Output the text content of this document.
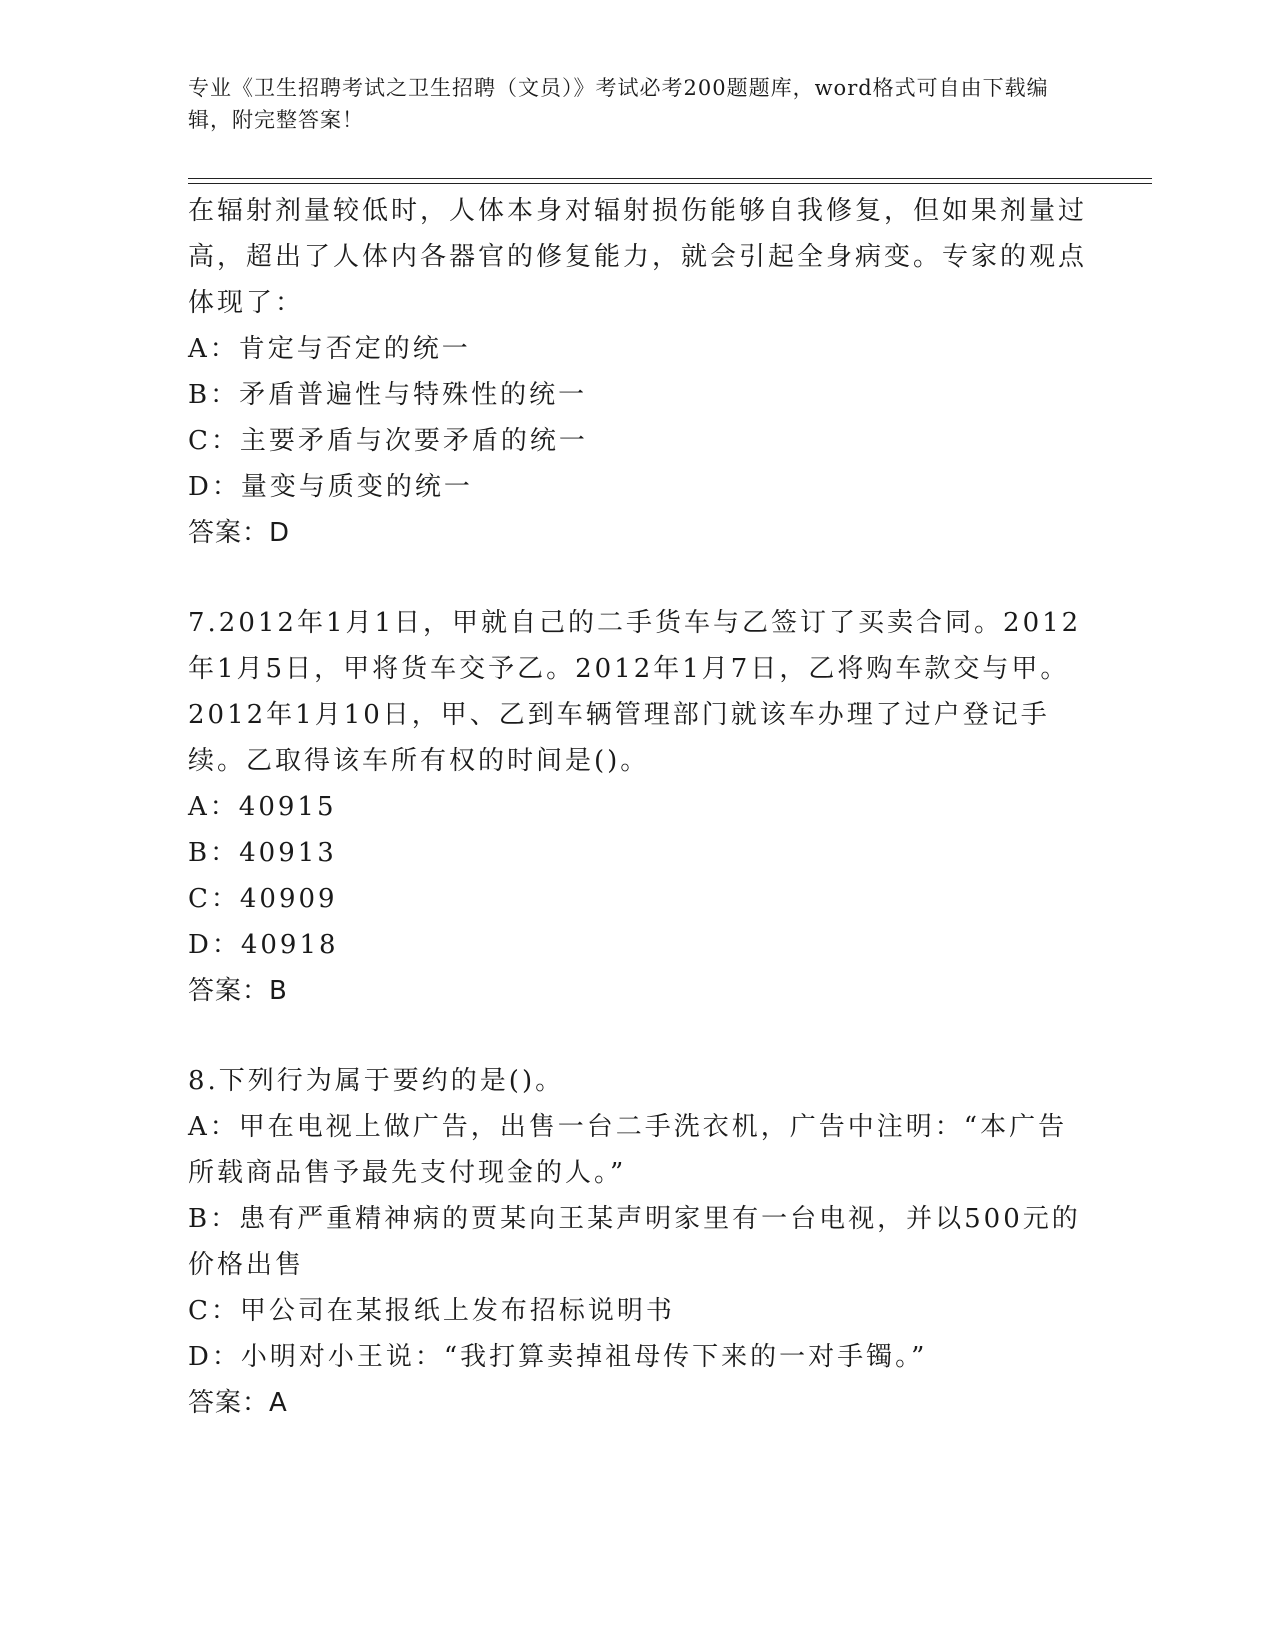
专业《卫生招聘考试之卫生招聘（文员）》考试必考200题题库，word格式可自由下载编辑，附完整答案！

在辐射剂量较低时，人体本身对辐射损伤能够自我修复，但如果剂量过高，超出了人体内各器官的修复能力，就会引起全身病变。专家的观点体现了：

A：肯定与否定的统一

B：矛盾普遍性与特殊性的统一

C：主要矛盾与次要矛盾的统一

D：量变与质变的统一

答案：D

7.2012年1月1日，甲就自己的二手货车与乙签订了买卖合同。2012年1月5日，甲将货车交予乙。2012年1月7日，乙将购车款交与甲。2012年1月10日，甲、乙到车辆管理部门就该车办理了过户登记手续。乙取得该车所有权的时间是()。

A：40915

B：40913

C：40909

D：40918

答案：B

8.下列行为属于要约的是()。

A：甲在电视上做广告，出售一台二手洗衣机，广告中注明：“本广告所载商品售予最先支付现金的人。”

B：患有严重精神病的贾某向王某声明家里有一台电视，并以500元的价格出售

C：甲公司在某报纸上发布招标说明书

D：小明对小王说：“我打算卖掉祖母传下来的一对手镯。”

答案：A
